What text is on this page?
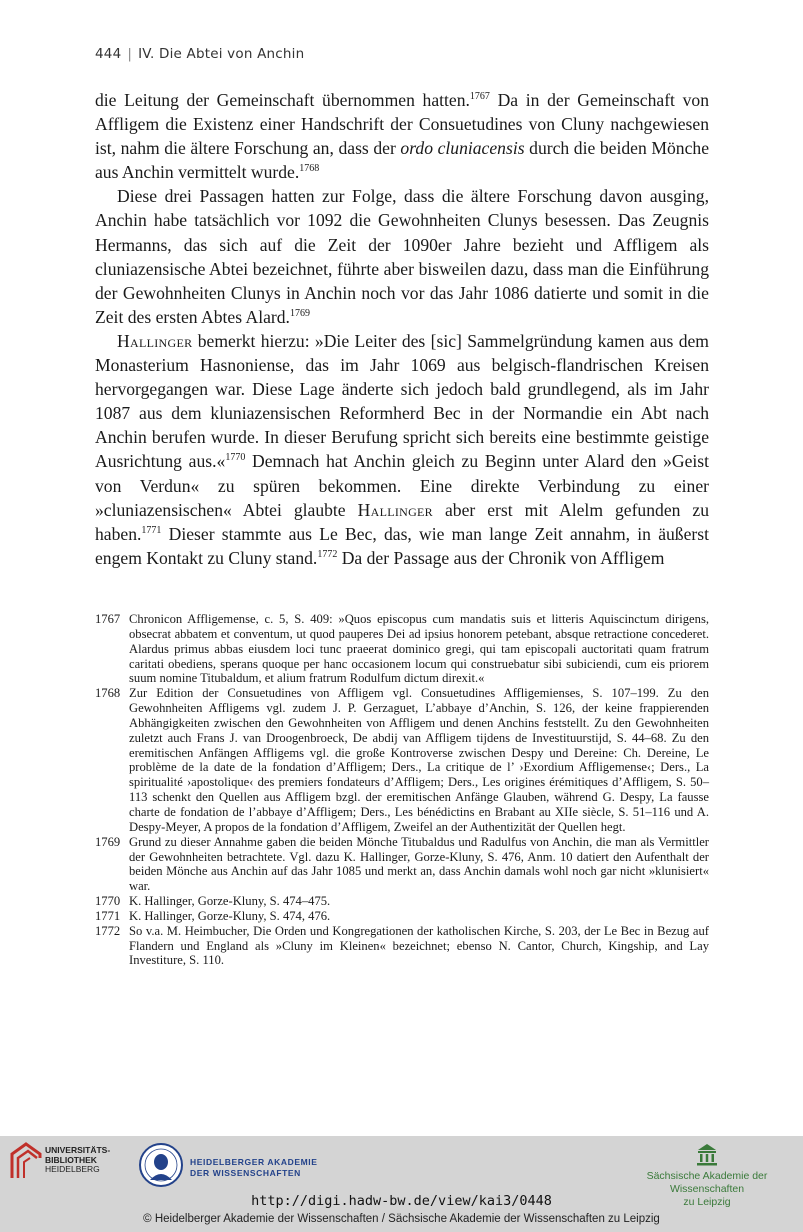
444 | IV. Die Abtei von Anchin

die Leitung der Gemeinschaft übernommen hatten.$^{1767}$ Da in der Gemeinschaft von Affligem die Existenz einer Handschrift der Consuetudines von Cluny nachgewiesen ist, nahm die ältere Forschung an, dass der ordo cluniacensis durch die beiden Mönche aus Anchin vermittelt wurde.$^{1768}$

Diese drei Passagen hatten zur Folge, dass die ältere Forschung davon ausging, Anchin habe tatsächlich vor 1092 die Gewohnheiten Clunys besessen. Das Zeugnis Hermanns, das sich auf die Zeit der 1090er Jahre bezieht und Affligem als cluniazensische Abtei bezeichnet, führte aber bisweilen dazu, dass man die Einführung der Gewohnheiten Clunys in Anchin noch vor das Jahr 1086 datierte und somit in die Zeit des ersten Abtes Alard.$^{1769}$

Hallinger bemerkt hierzu: »Die Leiter des [sic] Sammelgründung kamen aus dem Monasterium Hasnoniense, das im Jahr 1069 aus belgisch-flandrischen Kreisen hervorgegangen war. Diese Lage änderte sich jedoch bald grundlegend, als im Jahr 1087 aus dem kluniazensischen Reformherd Bec in der Normandie ein Abt nach Anchin berufen wurde. In dieser Berufung spricht sich bereits eine bestimmte geistige Ausrichtung aus.«$^{1770}$ Demnach hat Anchin gleich zu Beginn unter Alard den »Geist von Verdun« zu spüren bekommen. Eine direkte Verbindung zu einer »cluniazensischen« Abtei glaubte Hallinger aber erst mit Alelm gefunden zu haben.$^{1771}$ Dieser stammte aus Le Bec, das, wie man lange Zeit annahm, in äußerst engem Kontakt zu Cluny stand.$^{1772}$ Da der Passage aus der Chronik von Affligem

1767 Chronicon Affligemense, c. 5, S. 409: »Quos episcopus cum mandatis suis et litteris Aquiscinctum dirigens, obsecrat abbatem et conventum, ut quod pauperes Dei ad ipsius honorem petebant, absque retractione concederet. Alardus primus abbas eiusdem loci tunc praeerat dominico gregi, qui tam episcopali auctoritati quam fratrum caritati obediens, sperans quoque per hanc occasionem locum qui construebatur sibi subiciendi, cum eis priorem suum nomine Titubaldum, et alium fratrum Rodulfum dictum direxit.«
1768 Zur Edition der Consuetudines von Affligem vgl. Consuetudines Affligemienses, S. 107–199. Zu den Gewohnheiten Affligems vgl. zudem J. P. Gerzaguet, L’abbaye d’Anchin, S. 126, der keine frappierenden Abhängigkeiten zwischen den Gewohnheiten von Affligem und denen Anchins feststellt. Zu den Gewohnheiten zuletzt auch Frans J. van Droogenbroeck, De abdij van Affligem tijdens de Investituurstijd, S. 44–68. Zu den eremitischen Anfängen Affligems vgl. die große Kontroverse zwischen Despy und Dereine: Ch. Dereine, Le problème de la date de la fondation d’Affligem; Ders., La critique de l’ ›Exordium Affligemense‹; Ders., La spiritualité ›apostolique‹ des premiers fondateurs d’Affligem; Ders., Les origines érémitiques d’Affligem, S. 50–113 schenkt den Quellen aus Affligem bzgl. der eremitischen Anfänge Glauben, während G. Despy, La fausse charte de fondation de l’abbaye d’Affligem; Ders., Les bénédictins en Brabant au XIIe siècle, S. 51–116 und A. Despy-Meyer, A propos de la fondation d’Affligem, Zweifel an der Authentizität der Quellen hegt.
1769 Grund zu dieser Annahme gaben die beiden Mönche Titubaldus und Radulfus von Anchin, die man als Vermittler der Gewohnheiten betrachtete. Vgl. dazu K. Hallinger, Gorze-Kluny, S. 476, Anm. 10 datiert den Aufenthalt der beiden Mönche aus Anchin auf das Jahr 1085 und merkt an, dass Anchin damals wohl noch gar nicht »klunisiert« war.
1770 K. Hallinger, Gorze-Kluny, S. 474–475.
1771 K. Hallinger, Gorze-Kluny, S. 474, 476.
1772 So v.a. M. Heimbucher, Die Orden und Kongregationen der katholischen Kirche, S. 203, der Le Bec in Bezug auf Flandern und England als »Cluny im Kleinen« bezeichnet; ebenso N. Cantor, Church, Kingship, and Lay Investiture, S. 110.
UNIVERSITÄTS-
BIBLIOTHEK
HEIDELBERG
HEIDELBERGER AKADEMIE
DER WISSENSCHAFTEN	Sächsische Akademie der Wissenschaften
zu Leipzig
http://digi.hadw-bw.de/view/kai3/0448
© Heidelberger Akademie der Wissenschaften / Sächsische Akademie der Wissenschaften zu Leipzig
